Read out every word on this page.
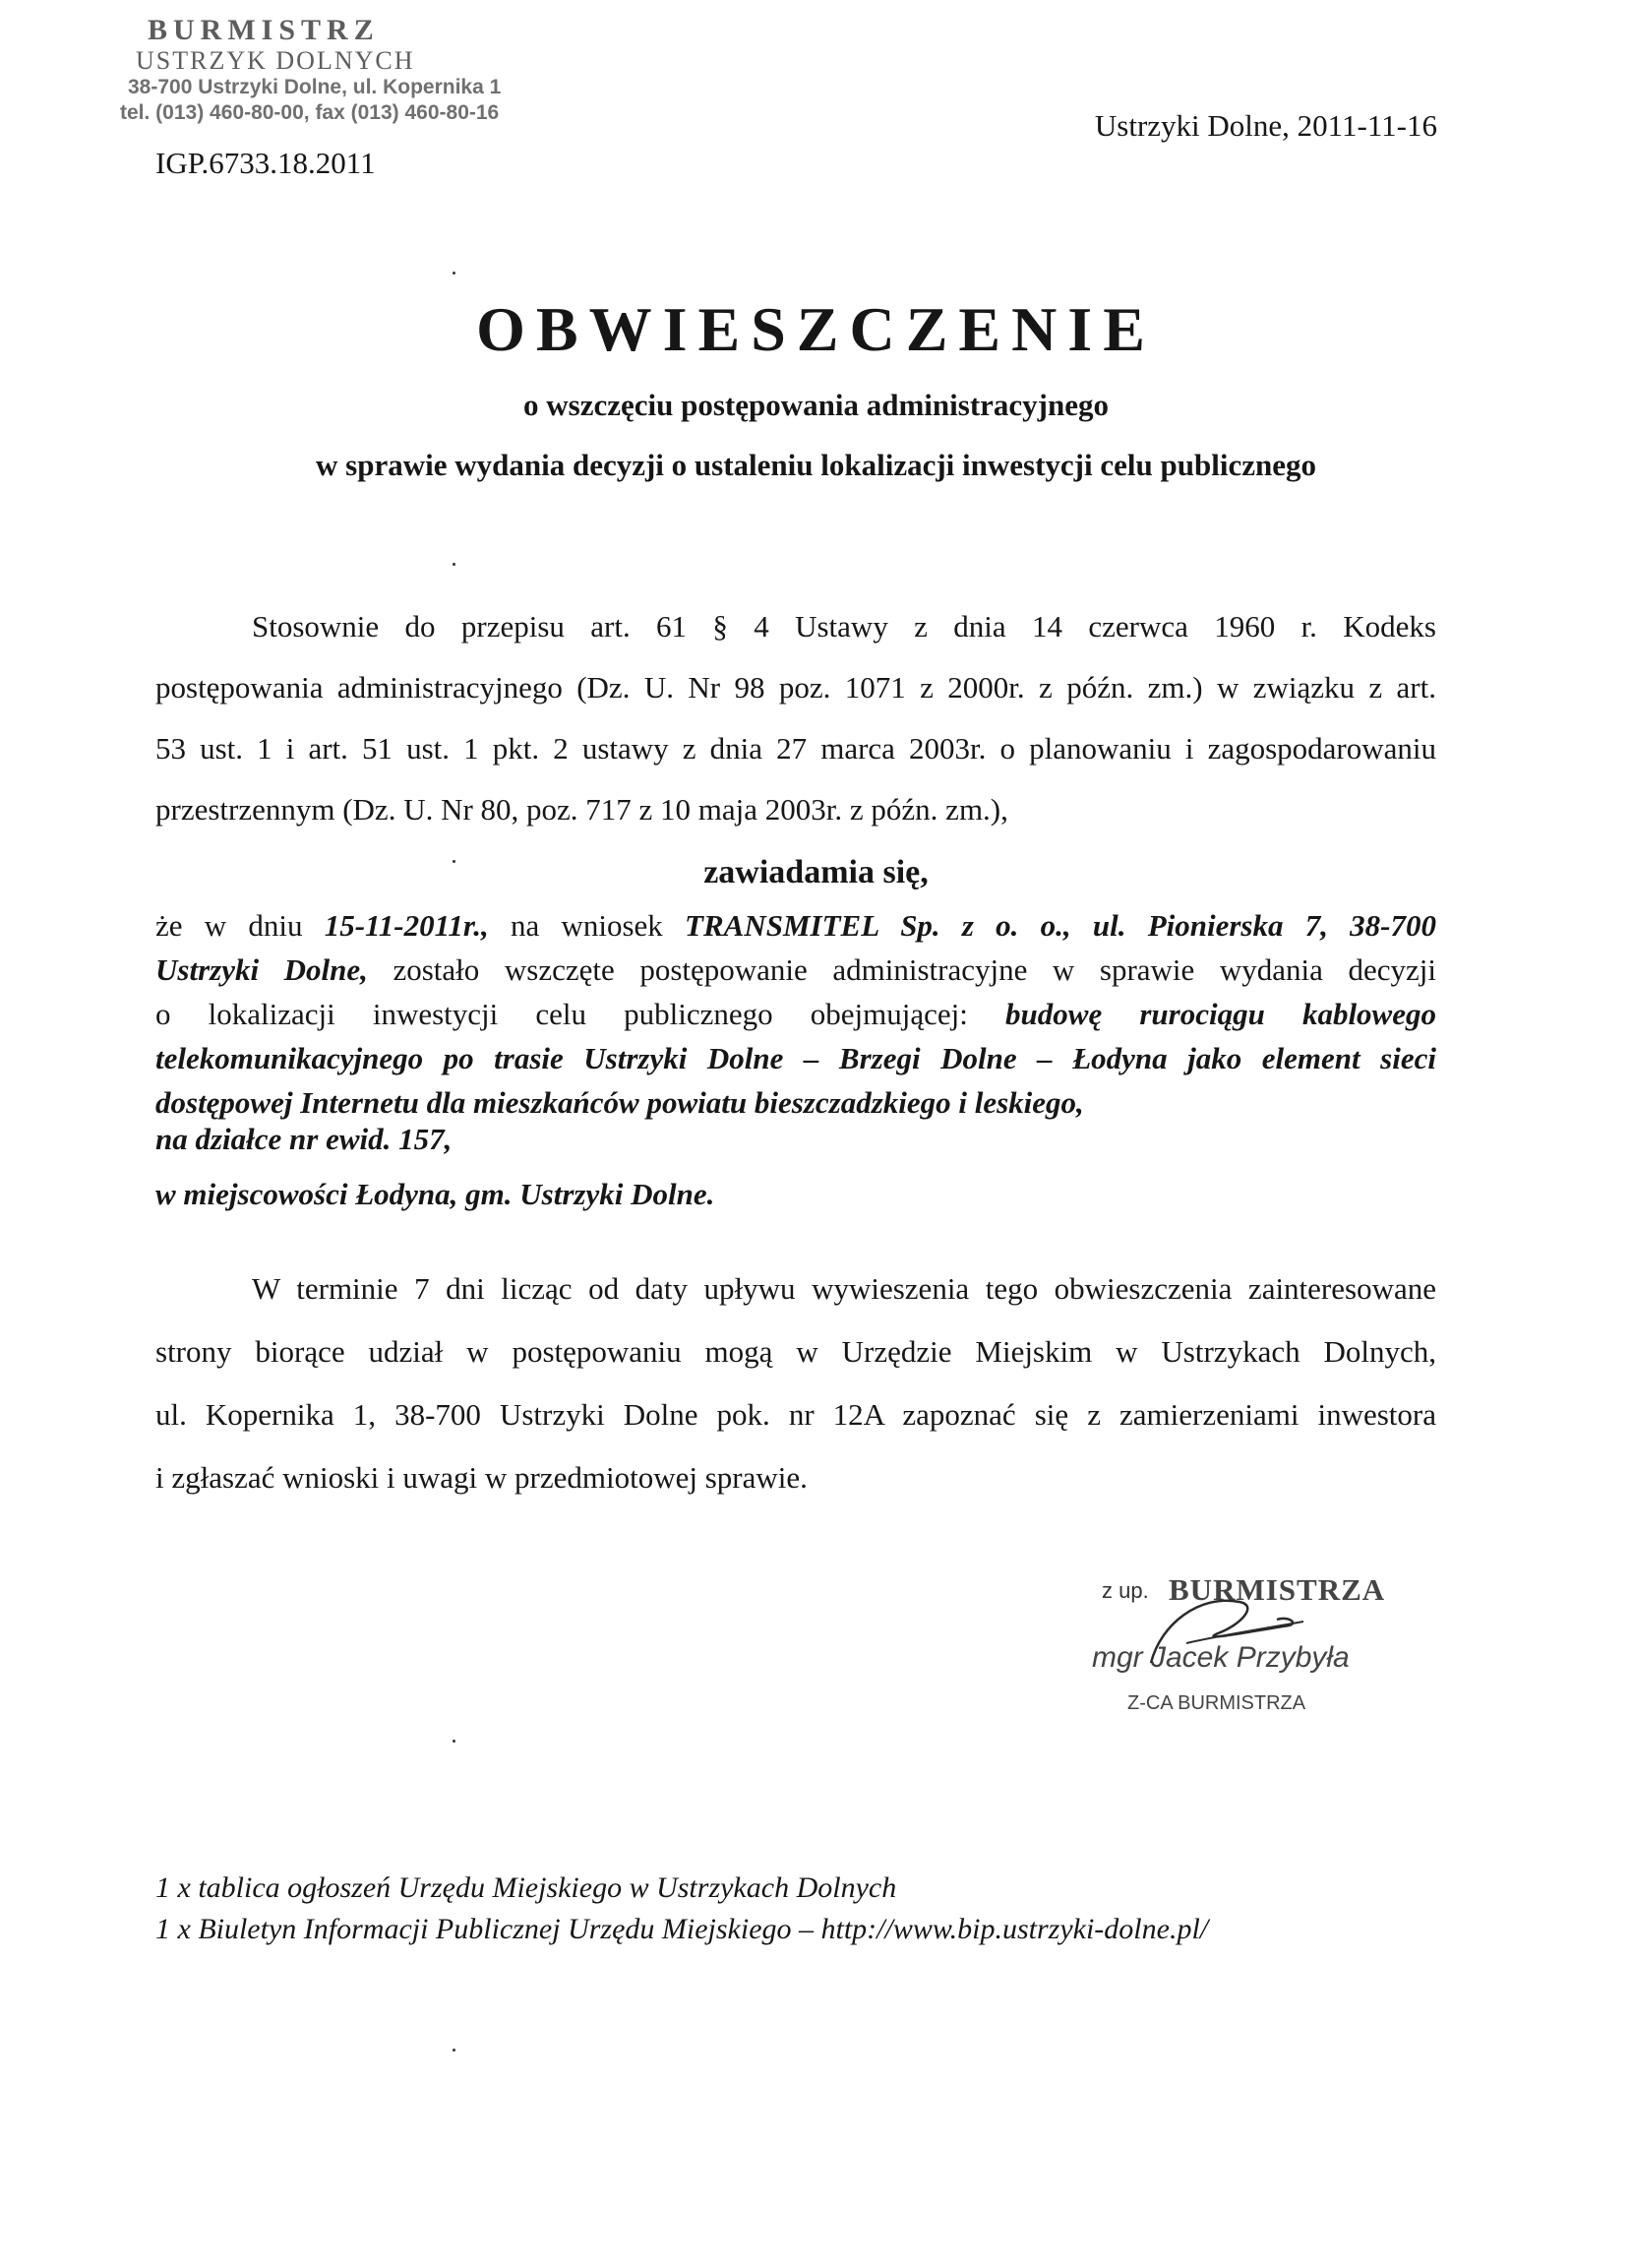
BURMISTRZ
USTRZYK DOLNYCH
38-700 Ustrzyki Dolne, ul. Kopernika 1
tel. (013) 460-80-00, fax (013) 460-80-16	Ustrzyki Dolne, 2011-11-16
IGP.6733.18.2011
OBWIESZCZENIE
o wszczęciu postępowania administracyjnego
w sprawie wydania decyzji o ustaleniu lokalizacji inwestycji celu publicznego
Stosownie do przepisu art. 61 § 4 Ustawy z dnia 14 czerwca 1960 r. Kodeks
postępowania administracyjnego (Dz. U. Nr 98 poz. 1071 z 2000r. z późn. zm.) w związku z art.
53 ust. 1 i art. 51 ust. 1 pkt. 2 ustawy z dnia 27 marca 2003r. o planowaniu i zagospodarowaniu
przestrzennym (Dz. U. Nr 80, poz. 717 z 10 maja 2003r. z późn. zm.),
zawiadamia się,
że w dniu 15-11-2011r., na wniosek TRANSMITEL Sp. z o. o., ul. Pionierska 7, 38-700
Ustrzyki Dolne, zostało wszczęte postępowanie administracyjne w sprawie wydania decyzji
o lokalizacji inwestycji celu publicznego obejmującej: budowę rurociągu kablowego
telekomunikacyjnego po trasie Ustrzyki Dolne – Brzegi Dolne – Łodyna jako element sieci
dostępowej Internetu dla mieszkańców powiatu bieszczadzkiego i leskiego,
na działce nr ewid. 157,
w miejscowości Łodyna, gm. Ustrzyki Dolne.
W terminie 7 dni licząc od daty upływu wywieszenia tego obwieszczenia zainteresowane
strony biorące udział w postępowaniu mogą w Urzędzie Miejskim w Ustrzykach Dolnych,
ul. Kopernika 1, 38-700 Ustrzyki Dolne pok. nr 12A zapoznać się z zamierzeniami inwestora
i zgłaszać wnioski i uwagi w przedmiotowej sprawie.
z up. BURMISTRZA
mgr Jacek Przybyła
Z-CA BURMISTRZA
1 x tablica ogłoszeń Urzędu Miejskiego w Ustrzykach Dolnych
1 x Biuletyn Informacji Publicznej Urzędu Miejskiego – http://www.bip.ustrzyki-dolne.pl/
